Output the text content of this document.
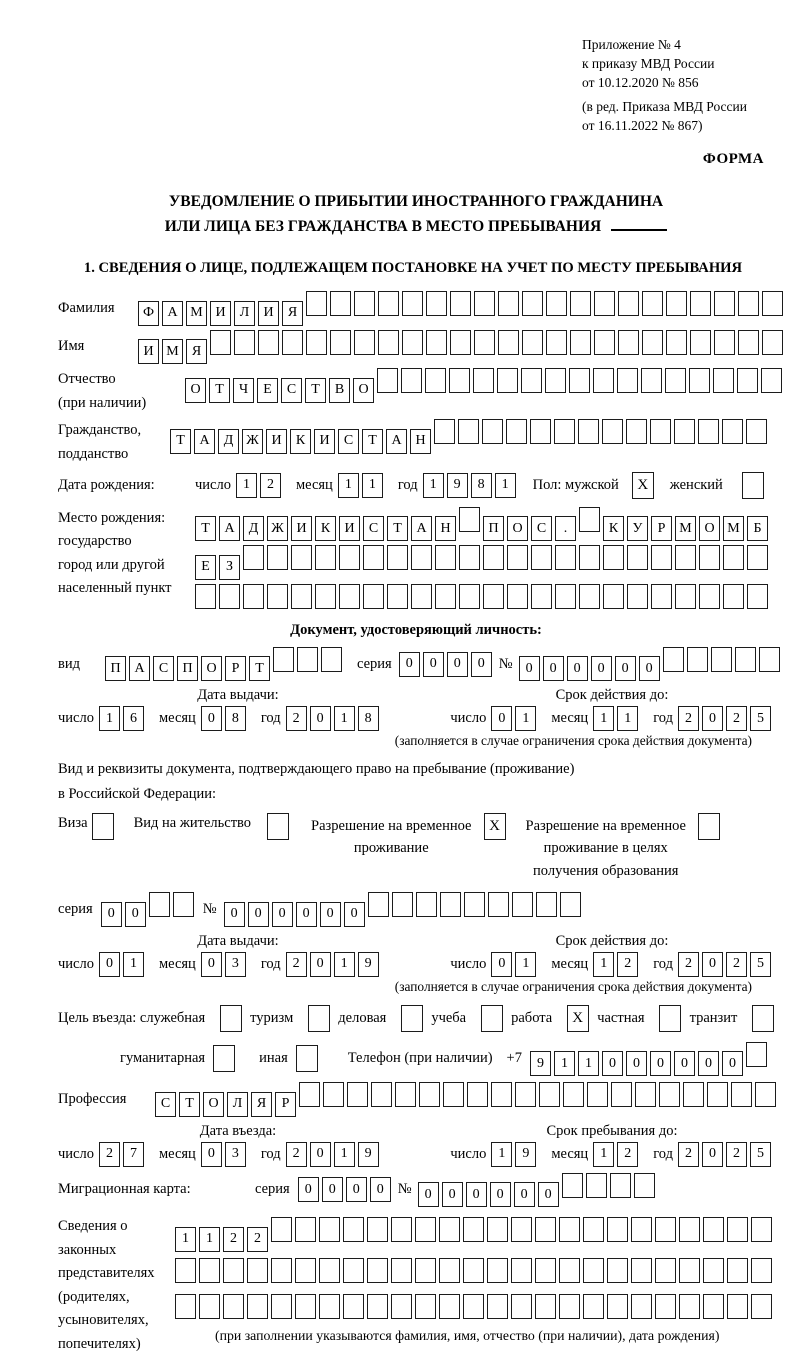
Приложение № 4
к приказу МВД России
от 10.12.2020 № 856
(в ред. Приказа МВД России
от 16.11.2022 № 867)
ФОРМА
УВЕДОМЛЕНИЕ О ПРИБЫТИИ ИНОСТРАННОГО ГРАЖДАНИНА
ИЛИ ЛИЦА БЕЗ ГРАЖДАНСТВА В МЕСТО ПРЕБЫВАНИЯ
1. СВЕДЕНИЯ О ЛИЦЕ, ПОДЛЕЖАЩЕМ ПОСТАНОВКЕ НА УЧЕТ ПО МЕСТУ ПРЕБЫВАНИЯ
Фамилия	Ф А М И Л И Я
Имя	И М Я
Отчество
(при наличии)
О Т Ч Е С Т В О
Гражданство,
подданство
Т А Д Ж И К И С Т А Н
Дата рождения:	число 1 2	месяц 1 1	год 1 9 8 1	Пол: мужской	X	женский
Место рождения:
государство
город или другой
населенный пункт
Т А Д Ж И К И С Т А Н	П О С .	К У Р М О М Б
Е З
Документ, удостоверяющий личность:
вид	П А С П О Р Т	серия	0 0 0 0 № 0 0 0 0 0 0
Дата выдачи:	Срок действия до:
число 1 6	месяц 0 8	год 2 0 1 8	число 0 1	месяц 1 1	год 2 0 2 5
(заполняется в случае ограничения срока действия документа)
Вид и реквизиты документа, подтверждающего право на пребывание (проживание)
в Российской Федерации:
Виза	Вид на жительство	Разрешение на временное
проживание
X	Разрешение на временное
проживание в целях
получения образования
серия	0 0	№	0 0 0 0 0 0
Дата выдачи:	Срок действия до:
число 0 1	месяц 0 3	год 2 0 1 9	число 0 1	месяц 1 2	год 2 0 2 5
(заполняется в случае ограничения срока действия документа)
Цель въезда: служебная	туризм	деловая	учеба	работа	X частная	транзит
гуманитарная	иная	Телефон (при наличии) +7	9 1 1 0 0 0 0 0 0
Профессия	С Т О Л Я Р
Дата въезда:	Срок пребывания до:
число 2 7	месяц 0 3	год 2 0 1 9	число 1 9	месяц 1 2	год 2 0 2 5
Миграционная карта:	серия	0 0 0 0 № 0 0 0 0 0 0
Сведения о
законных
представителях
(родителях,
усыновителях,
попечителях)
1 1 2 2
(при заполнении указываются фамилия, имя, отчество (при наличии), дата рождения)
